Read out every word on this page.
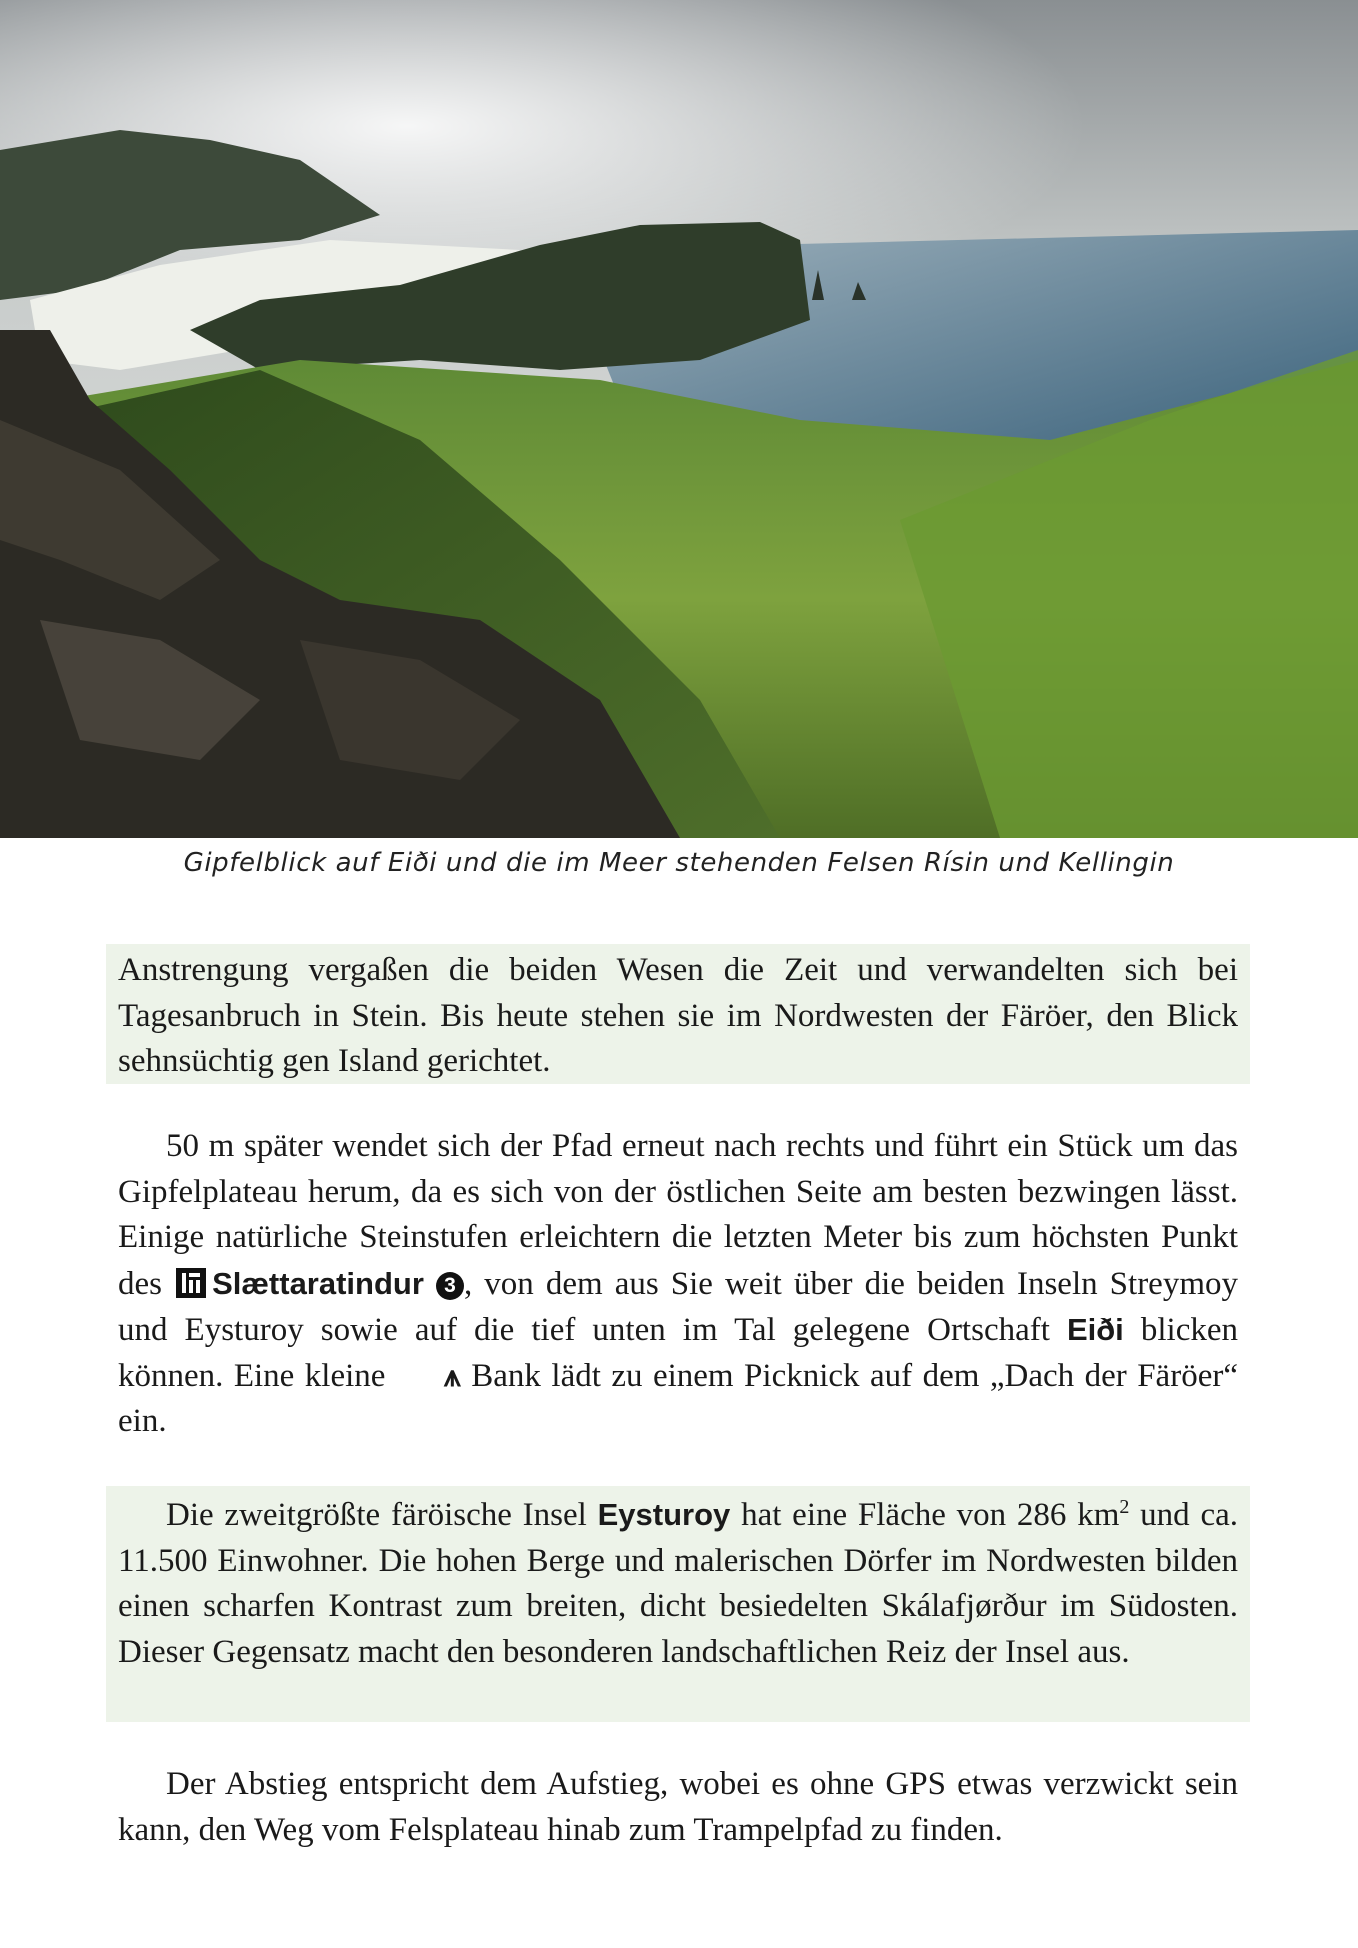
Gipfelblick auf Eiði und die im Meer stehenden Felsen Rísin und Kellingin
Anstrengung vergaßen die beiden Wesen die Zeit und verwandelten sich bei Tagesanbruch in Stein. Bis heute stehen sie im Nordwesten der Färöer, den Blick sehnsüchtig gen Island gerichtet.
50 m später wendet sich der Pfad erneut nach rechts und führt ein Stück um das Gipfelplateau herum, da es sich von der östlichen Seite am besten bezwingen lässt. Einige natürliche Steinstufen erleichtern die letzten Meter bis zum höchsten Punkt des
Slættaratindur 3 , von dem aus Sie weit über die beiden Inseln Streymoy und Eysturoy sowie auf die tief unten im Tal gelegene Ortschaft Eiði blicken können. Eine kleine ⩚ Bank lädt zu einem Picknick auf dem „Dach der Färöer“ ein.
Die zweitgrößte färöische Insel Eysturoy hat eine Fläche von 286 $km^2$ und ca. 11.500 Einwohner. Die hohen Berge und malerischen Dörfer im Nordwesten bilden einen scharfen Kontrast zum breiten, dicht besiedelten Skálafjørður im Südosten. Dieser Gegensatz macht den besonderen landschaftlichen Reiz der Insel aus.
Der Abstieg entspricht dem Aufstieg, wobei es ohne GPS etwas verzwickt sein kann, den Weg vom Felsplateau hinab zum Trampelpfad zu finden.
